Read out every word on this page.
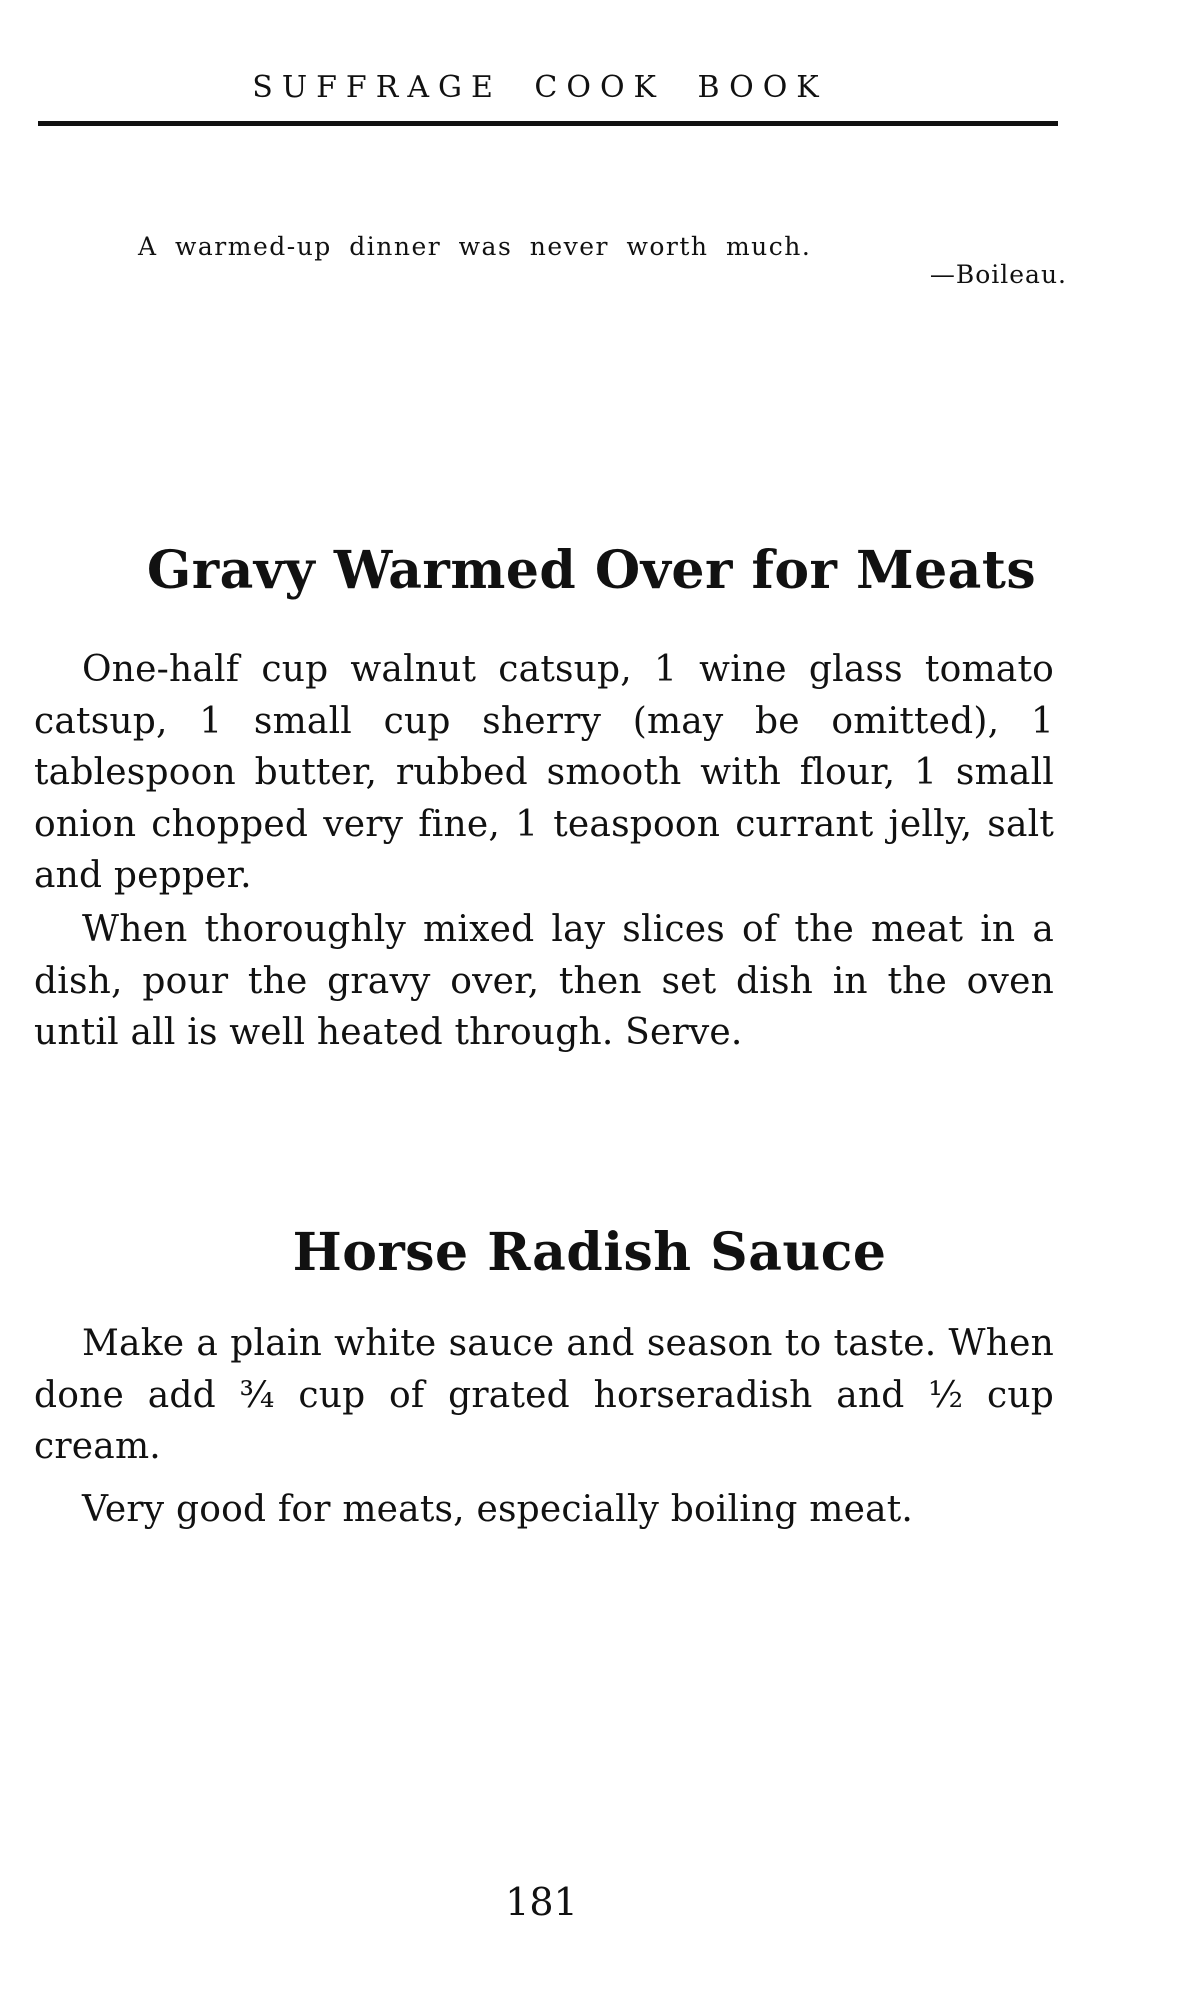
SUFFRAGE COOK BOOK
A warmed-up dinner was never worth much.
—Boileau.
Gravy Warmed Over for Meats

One-half cup walnut catsup, 1 wine glass tomato catsup, 1 small cup sherry (may be omitted), 1 tablespoon butter, rubbed smooth with flour, 1 small onion chopped very fine, 1 teaspoon currant jelly, salt and pepper.

When thoroughly mixed lay slices of the meat in a dish, pour the gravy over, then set dish in the oven until all is well heated through. Serve.

Horse Radish Sauce

Make a plain white sauce and season to taste. When done add ¾ cup of grated horseradish and ½ cup cream.

Very good for meats, especially boiling meat.

181
